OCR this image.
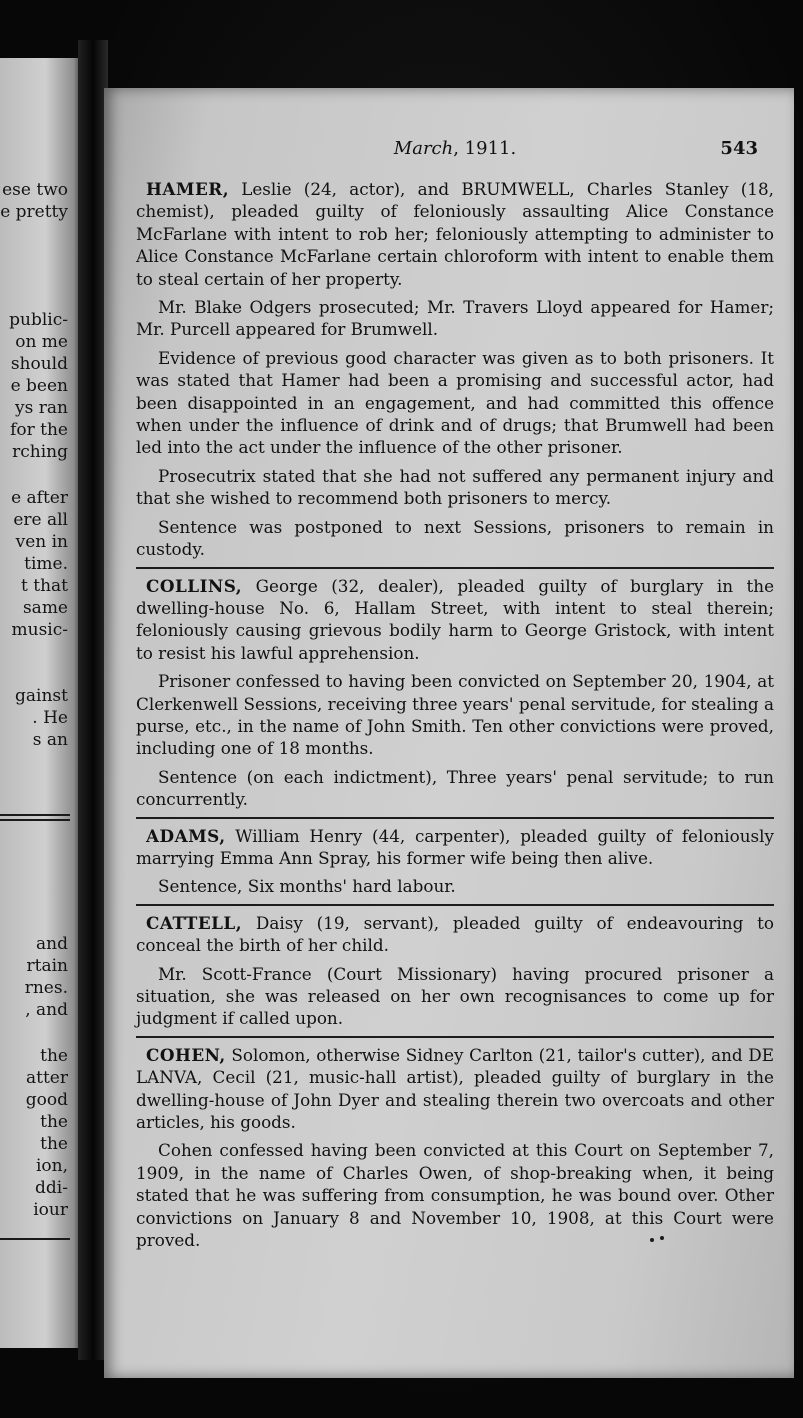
ese two
e pretty
public-
on me
should
e been
ys ran
for the
rching
e after
ere all
ven in
time.
t that
same
music-
gainst
. He
s an
and
rtain
rnes.
, and
the
atter
good
the
the
ion,
ddi-
iour
March, 1911.	543

HAMER, Leslie (24, actor), and BRUMWELL, Charles Stanley (18, chemist), pleaded guilty of feloniously assaulting Alice Constance McFarlane with intent to rob her; feloniously attempting to administer to Alice Constance McFarlane certain chloroform with intent to enable them to steal certain of her property.

Mr. Blake Odgers prosecuted; Mr. Travers Lloyd appeared for Hamer; Mr. Purcell appeared for Brumwell.

Evidence of previous good character was given as to both prisoners. It was stated that Hamer had been a promising and successful actor, had been disappointed in an engagement, and had committed this offence when under the influence of drink and of drugs; that Brumwell had been led into the act under the influence of the other prisoner.

Prosecutrix stated that she had not suffered any permanent injury and that she wished to recommend both prisoners to mercy.

Sentence was postponed to next Sessions, prisoners to remain in custody.

COLLINS, George (32, dealer), pleaded guilty of burglary in the dwelling-house No. 6, Hallam Street, with intent to steal therein; feloniously causing grievous bodily harm to George Gristock, with intent to resist his lawful apprehension.

Prisoner confessed to having been convicted on September 20, 1904, at Clerkenwell Sessions, receiving three years' penal servitude, for stealing a purse, etc., in the name of John Smith. Ten other convictions were proved, including one of 18 months.

Sentence (on each indictment), Three years' penal servitude; to run concurrently.

ADAMS, William Henry (44, carpenter), pleaded guilty of feloniously marrying Emma Ann Spray, his former wife being then alive.

Sentence, Six months' hard labour.

CATTELL, Daisy (19, servant), pleaded guilty of endeavouring to conceal the birth of her child.

Mr. Scott-France (Court Missionary) having procured prisoner a situation, she was released on her own recognisances to come up for judgment if called upon.

COHEN, Solomon, otherwise Sidney Carlton (21, tailor's cutter), and DE LANVA, Cecil (21, music-hall artist), pleaded guilty of burglary in the dwelling-house of John Dyer and stealing therein two overcoats and other articles, his goods.

Cohen confessed having been convicted at this Court on September 7, 1909, in the name of Charles Owen, of shop-breaking when, it being stated that he was suffering from consumption, he was bound over. Other convictions on January 8 and November 10, 1908, at this Court were proved.
